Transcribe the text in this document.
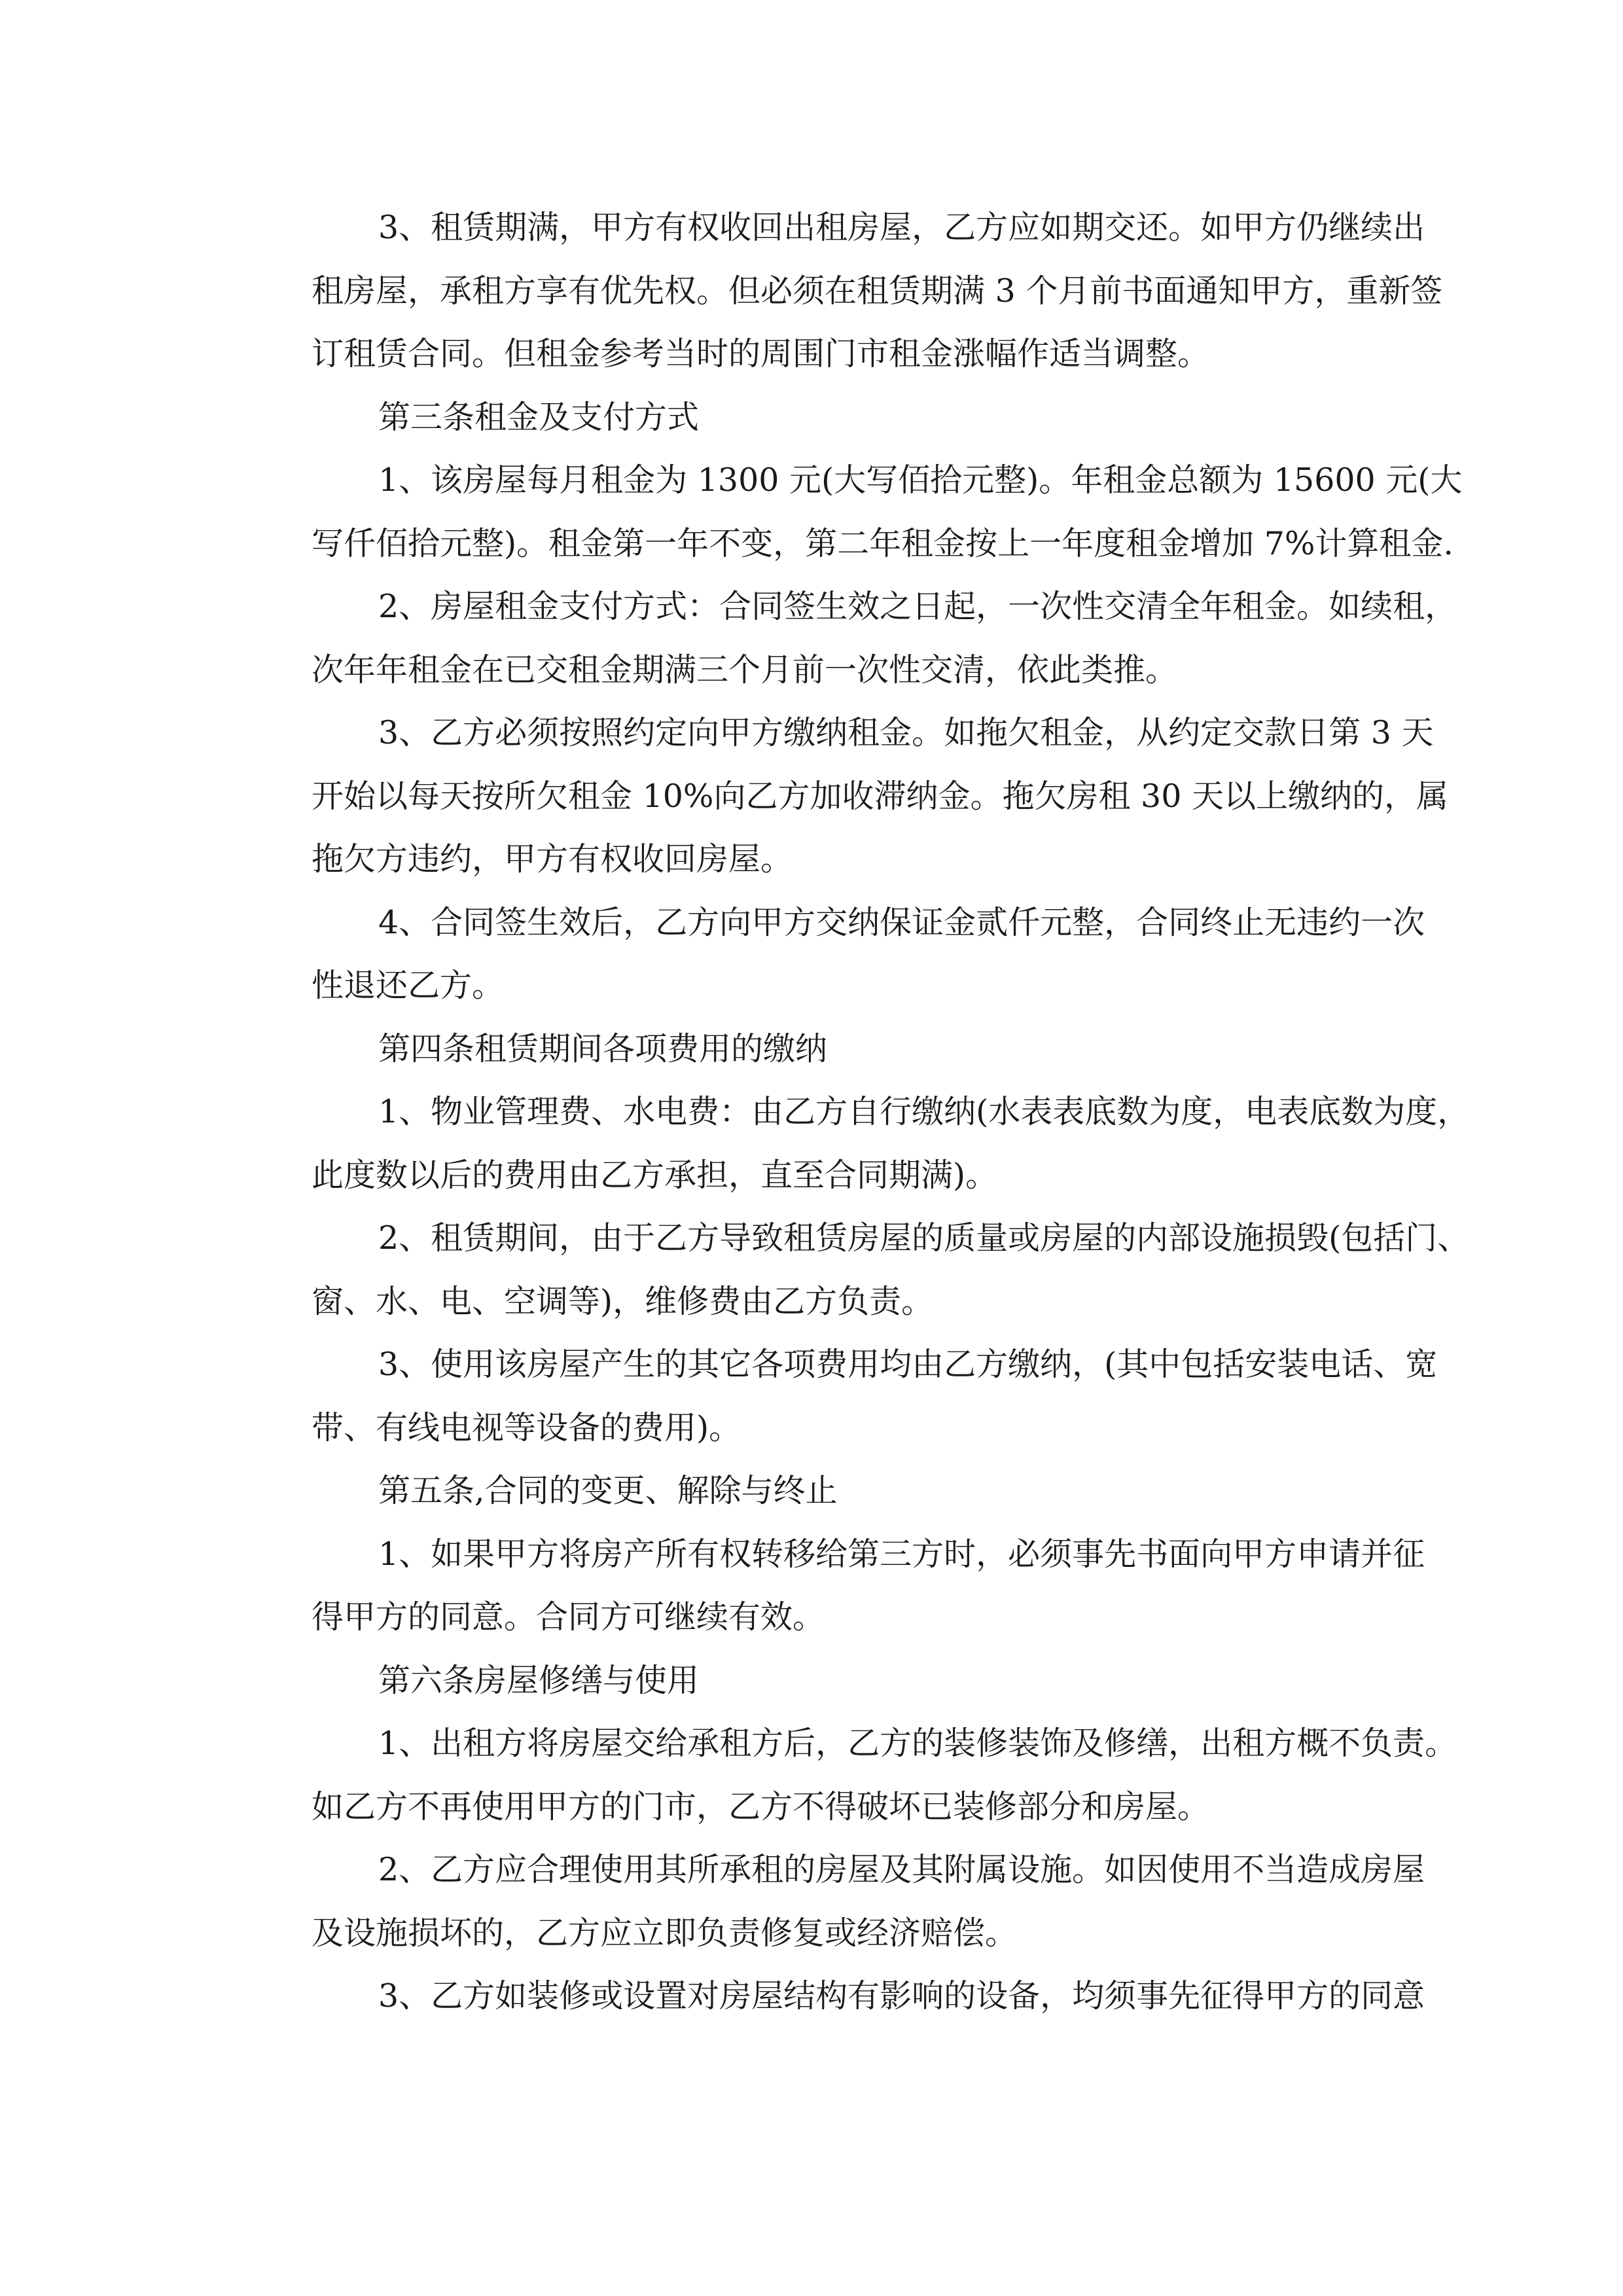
3、租赁期满，甲方有权收回出租房屋，乙方应如期交还。如甲方仍继续出
租房屋，承租方享有优先权。但必须在租赁期满 3 个月前书面通知甲方，重新签
订租赁合同。但租金参考当时的周围门市租金涨幅作适当调整。

第三条租金及支付方式

1、该房屋每月租金为 1300 元(大写佰拾元整)。年租金总额为 15600 元(大
写仟佰拾元整)。租金第一年不变，第二年租金按上一年度租金增加 7%计算租金.

2、房屋租金支付方式：合同签生效之日起，一次性交清全年租金。如续租，
次年年租金在已交租金期满三个月前一次性交清，依此类推。

3、乙方必须按照约定向甲方缴纳租金。如拖欠租金，从约定交款日第 3 天
开始以每天按所欠租金 10%向乙方加收滞纳金。拖欠房租 30 天以上缴纳的，属
拖欠方违约，甲方有权收回房屋。

4、合同签生效后，乙方向甲方交纳保证金贰仟元整，合同终止无违约一次
性退还乙方。

第四条租赁期间各项费用的缴纳

1、物业管理费、水电费：由乙方自行缴纳(水表表底数为度，电表底数为度，
此度数以后的费用由乙方承担，直至合同期满)。

2、租赁期间，由于乙方导致租赁房屋的质量或房屋的内部设施损毁(包括门、
窗、水、电、空调等)，维修费由乙方负责。

3、使用该房屋产生的其它各项费用均由乙方缴纳，(其中包括安装电话、宽
带、有线电视等设备的费用)。

第五条,合同的变更、解除与终止

1、如果甲方将房产所有权转移给第三方时，必须事先书面向甲方申请并征
得甲方的同意。合同方可继续有效。

第六条房屋修缮与使用

1、出租方将房屋交给承租方后，乙方的装修装饰及修缮，出租方概不负责。
如乙方不再使用甲方的门市，乙方不得破坏已装修部分和房屋。

2、乙方应合理使用其所承租的房屋及其附属设施。如因使用不当造成房屋
及设施损坏的，乙方应立即负责修复或经济赔偿。

3、乙方如装修或设置对房屋结构有影响的设备，均须事先征得甲方的同意
